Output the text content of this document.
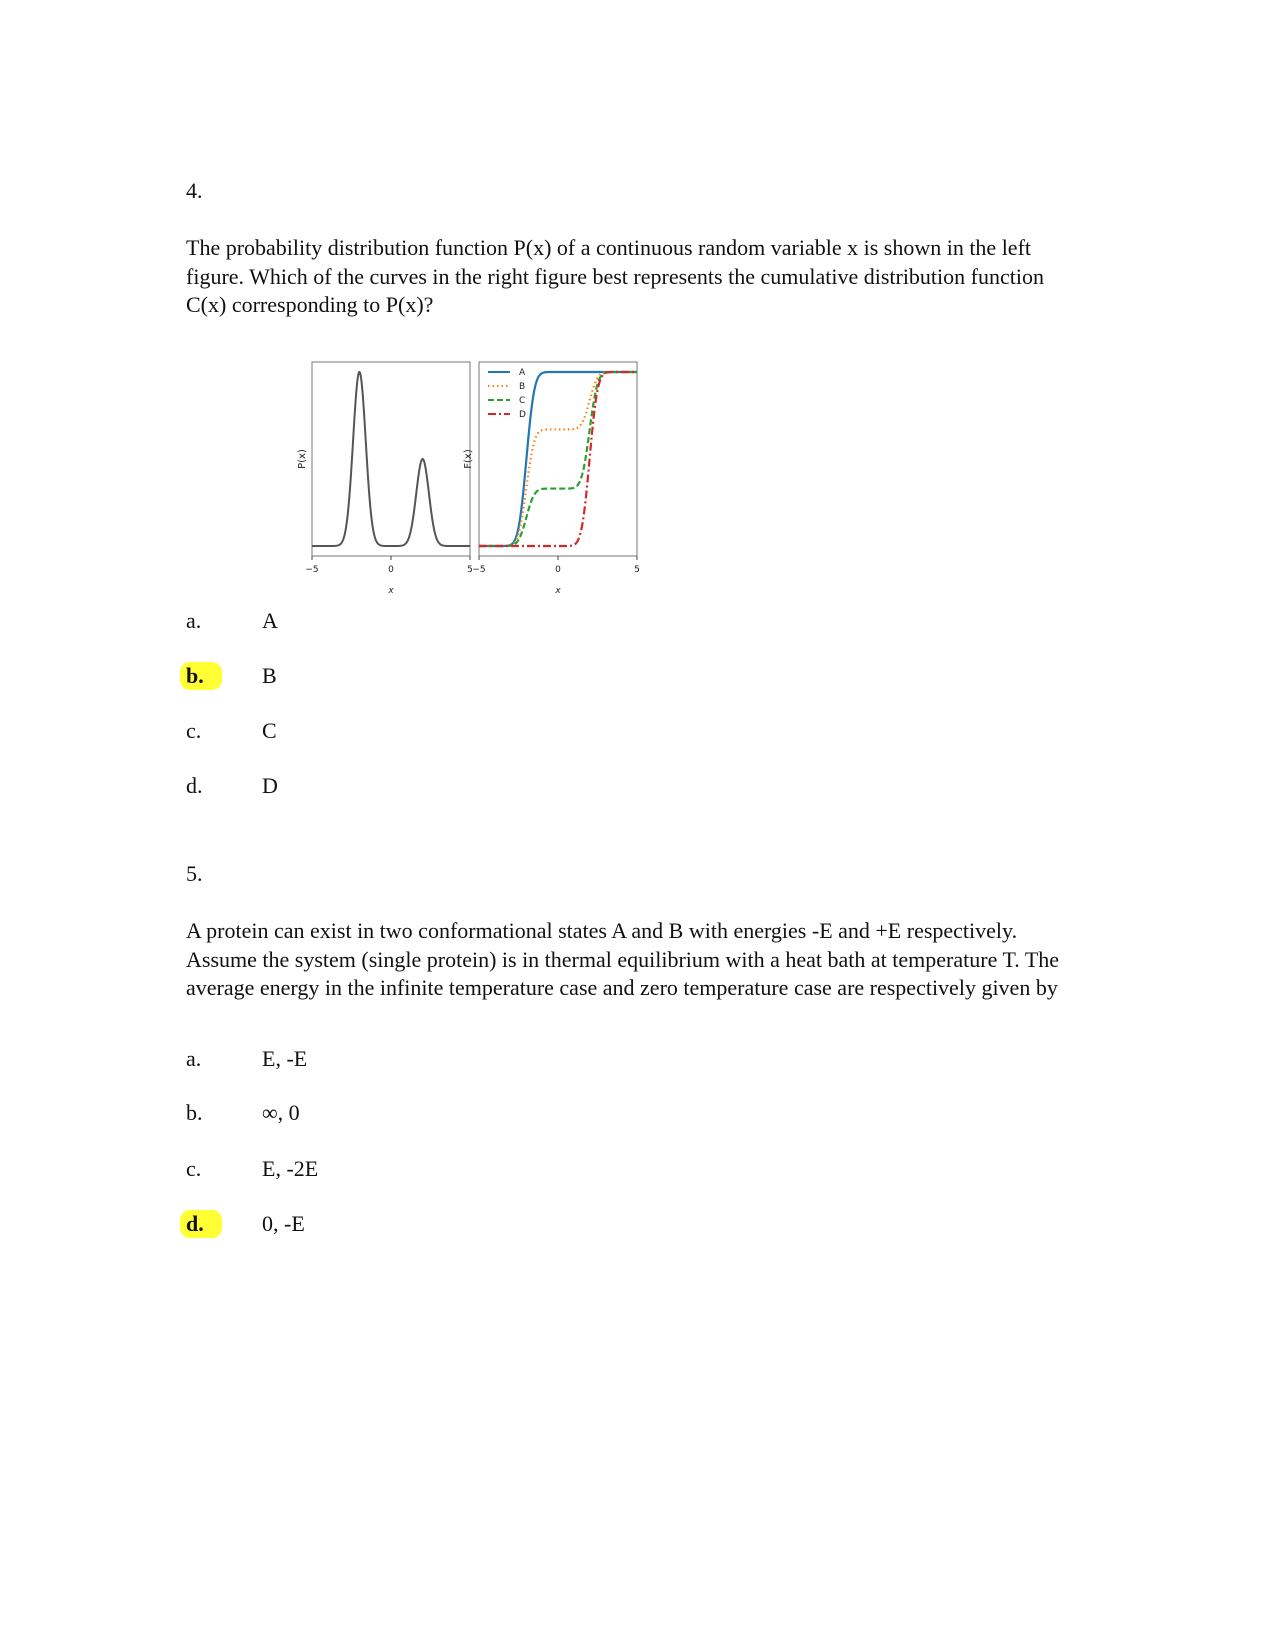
4.

The probability distribution function P(x) of a continuous random variable x is shown in the left figure. Which of the curves in the right figure best represents the cumulative distribution function C(x) corresponding to P(x)?

P(x)
−5	0	5
x
F(x)
−5	0	5
x
A
B
C
D
a.	A
b.	B
c.	C
d.	D
5.

A protein can exist in two conformational states A and B with energies -E and +E respectively. Assume the system (single protein) is in thermal equilibrium with a heat bath at temperature T. The average energy in the infinite temperature case and zero temperature case are respectively given by

a.	E, -E
b.	∞, 0
c.	E, -2E
d.	0, -E
